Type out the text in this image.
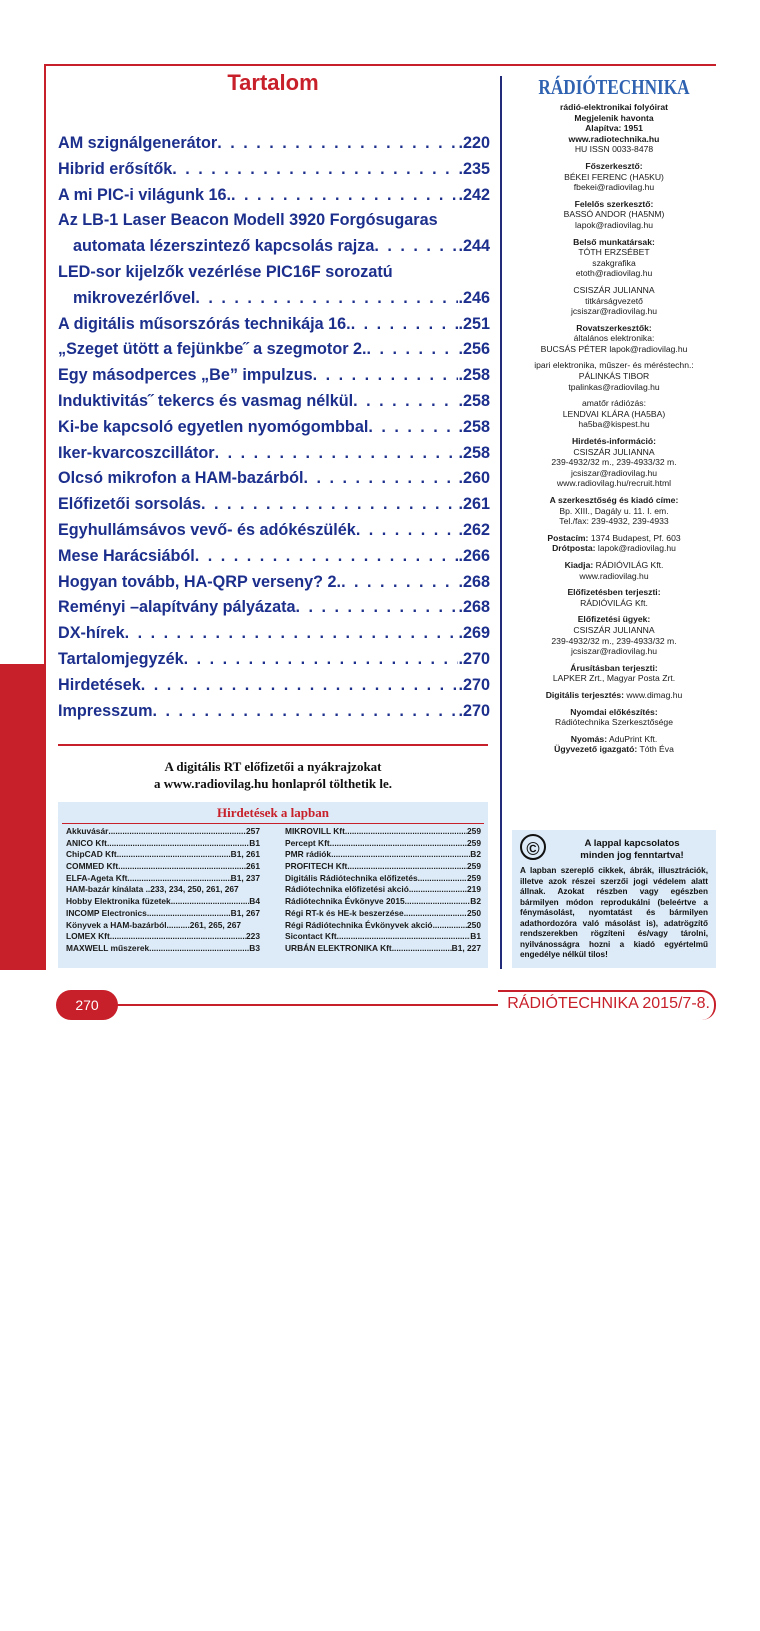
HIRDETÉSEK A LAPBAN IMPRESSZUM
Tartalom
AM szignálgenerátor . . .	.220
Hibrid erősítők . . .	.235
A mi PIC-i világunk 16. . . .	.242
Az LB-1 Laser Beacon Modell 3920 Forgósugaras
automata lézerszintező kapcsolás rajza . . .	.244
LED-sor kijelzők vezérlése PIC16F sorozatú
mikrovezérlővel . . .	.246
A digitális műsorszórás technikája 16. . . .	.251
„Szeget ütött a fejünkbe˝ a szegmotor 2. . . .	.256
Egy másodperces „Be” impulzus . . .	.258
Induktivitás˝ tekercs és vasmag nélkül . . .	.258
Ki-be kapcsoló egyetlen nyomógombbal . . .	.258
Iker-kvarcoszcillátor . . .	.258
Olcsó mikrofon a HAM-bazárból . . .	.260
Előfizetői sorsolás . . .	.261
Egyhullámsávos vevő- és adókészülék . . .	.262
Mese Harácsiából . . .	.266
Hogyan tovább, HA-QRP verseny? 2. . . .	.268
Reményi –alapítvány pályázata . . .	.268
DX-hírek . . .	.269
Tartalomjegyzék . . .	.270
Hirdetések . . .	.270
Impresszum . . .	.270
A digitális RT előfizetői a nyákrajzokat
a www.radiovilag.hu honlapról tölthetik le.
Hirdetések a lapban
Akkuvásár .....	257
ANICO Kft. .....	B1
ChipCAD Kft. .....	B1, 261
COMMED Kft. .....	261
ELFA-Ageta Kft. .....	B1, 237
HAM-bazár kínálata ..233, 234, 250, 261, 267
Hobby Elektronika füzetek .....	B4
INCOMP Electronics .....	B1, 267
Könyvek a HAM-bazárból..........261, 265, 267
LOMEX Kft. .....	223
MAXWELL műszerek .....	B3
MIKROVILL Kft. .....	259
Percept Kft. .....	259
PMR rádiók .....	B2
PROFITECH Kft. .....	259
Digitális Rádiótechnika előfizetés .....	259
Rádiótechnika előfizetési akció .....	219
Rádiótechnika Évkönyve 2015. .....	B2
Régi RT-k és HE-k beszerzése .....	250
Régi Rádiótechnika Évkönyvek akció .....	250
Sicontact Kft. .....	B1
URBÁN ELEKTRONIKA Kft. .....	B1, 227
RÁDIÓTECHNIKA
rádió-elektronikai folyóirat
Megjelenik havonta
Alapítva: 1951
www.radiotechnika.hu
HU ISSN 0033-8478
Főszerkesztő:
BÉKEI FERENC (HA5KU)
fbekei@radiovilag.hu
Felelős szerkesztő:
BASSÓ ANDOR (HA5NM)
lapok@radiovilag.hu
Belső munkatársak:
TÓTH ERZSÉBET
szakgrafika
etoth@radiovilag.hu
CSISZÁR JULIANNA
titkárságvezető
jcsiszar@radiovilag.hu
Rovatszerkesztők:
általános elektronika:
BUCSÁS PÉTER lapok@radiovilag.hu
ipari elektronika, műszer- és méréstechn.:
PÁLINKÁS TIBOR
tpalinkas@radiovilag.hu
amatőr rádiózás:
LENDVAI KLÁRA (HA5BA)
ha5ba@kispest.hu
Hirdetés-információ:
CSISZÁR JULIANNA
239-4932/32 m., 239-4933/32 m.
jcsiszar@radiovilag.hu
www.radiovilag.hu/recruit.html
A szerkesztőség és kiadó címe:
Bp. XIII., Dagály u. 11. I. em.
Tel./fax: 239-4932, 239-4933
Postacím: 1374 Budapest, Pf. 603
Drótposta: lapok@radiovilag.hu
Kiadja: RÁDIÓVILÁG Kft.
www.radiovilag.hu
Előfizetésben terjeszti:
RÁDIÓVILÁG Kft.
Előfizetési ügyek:
CSISZÁR JULIANNA
239-4932/32 m., 239-4933/32 m.
jcsiszar@radiovilag.hu
Árusításban terjeszti:
LAPKER Zrt., Magyar Posta Zrt.
Digitális terjesztés: www.dimag.hu
Nyomdai előkészítés:
Rádiótechnika Szerkesztősége
Nyomás: AduPrint Kft.
Ügyvezető igazgató: Tóth Éva
©	A lappal kapcsolatos
minden jog fenntartva!
A lapban szereplő cikkek, ábrák, illusztrációk, illetve azok részei szerzői jogi védelem alatt állnak. Azokat részben vagy egészben bármilyen módon reprodukálni (beleértve a fénymásolást, nyomtatást és bármilyen adathordozóra való másolást is), adatrögzítő rendszerekben rögzíteni és/vagy tárolni, nyilvánosságra hozni a kiadó egyértelmű engedélye nélkül tilos!
270	RÁDIÓTECHNIKA 2015/7-8.
